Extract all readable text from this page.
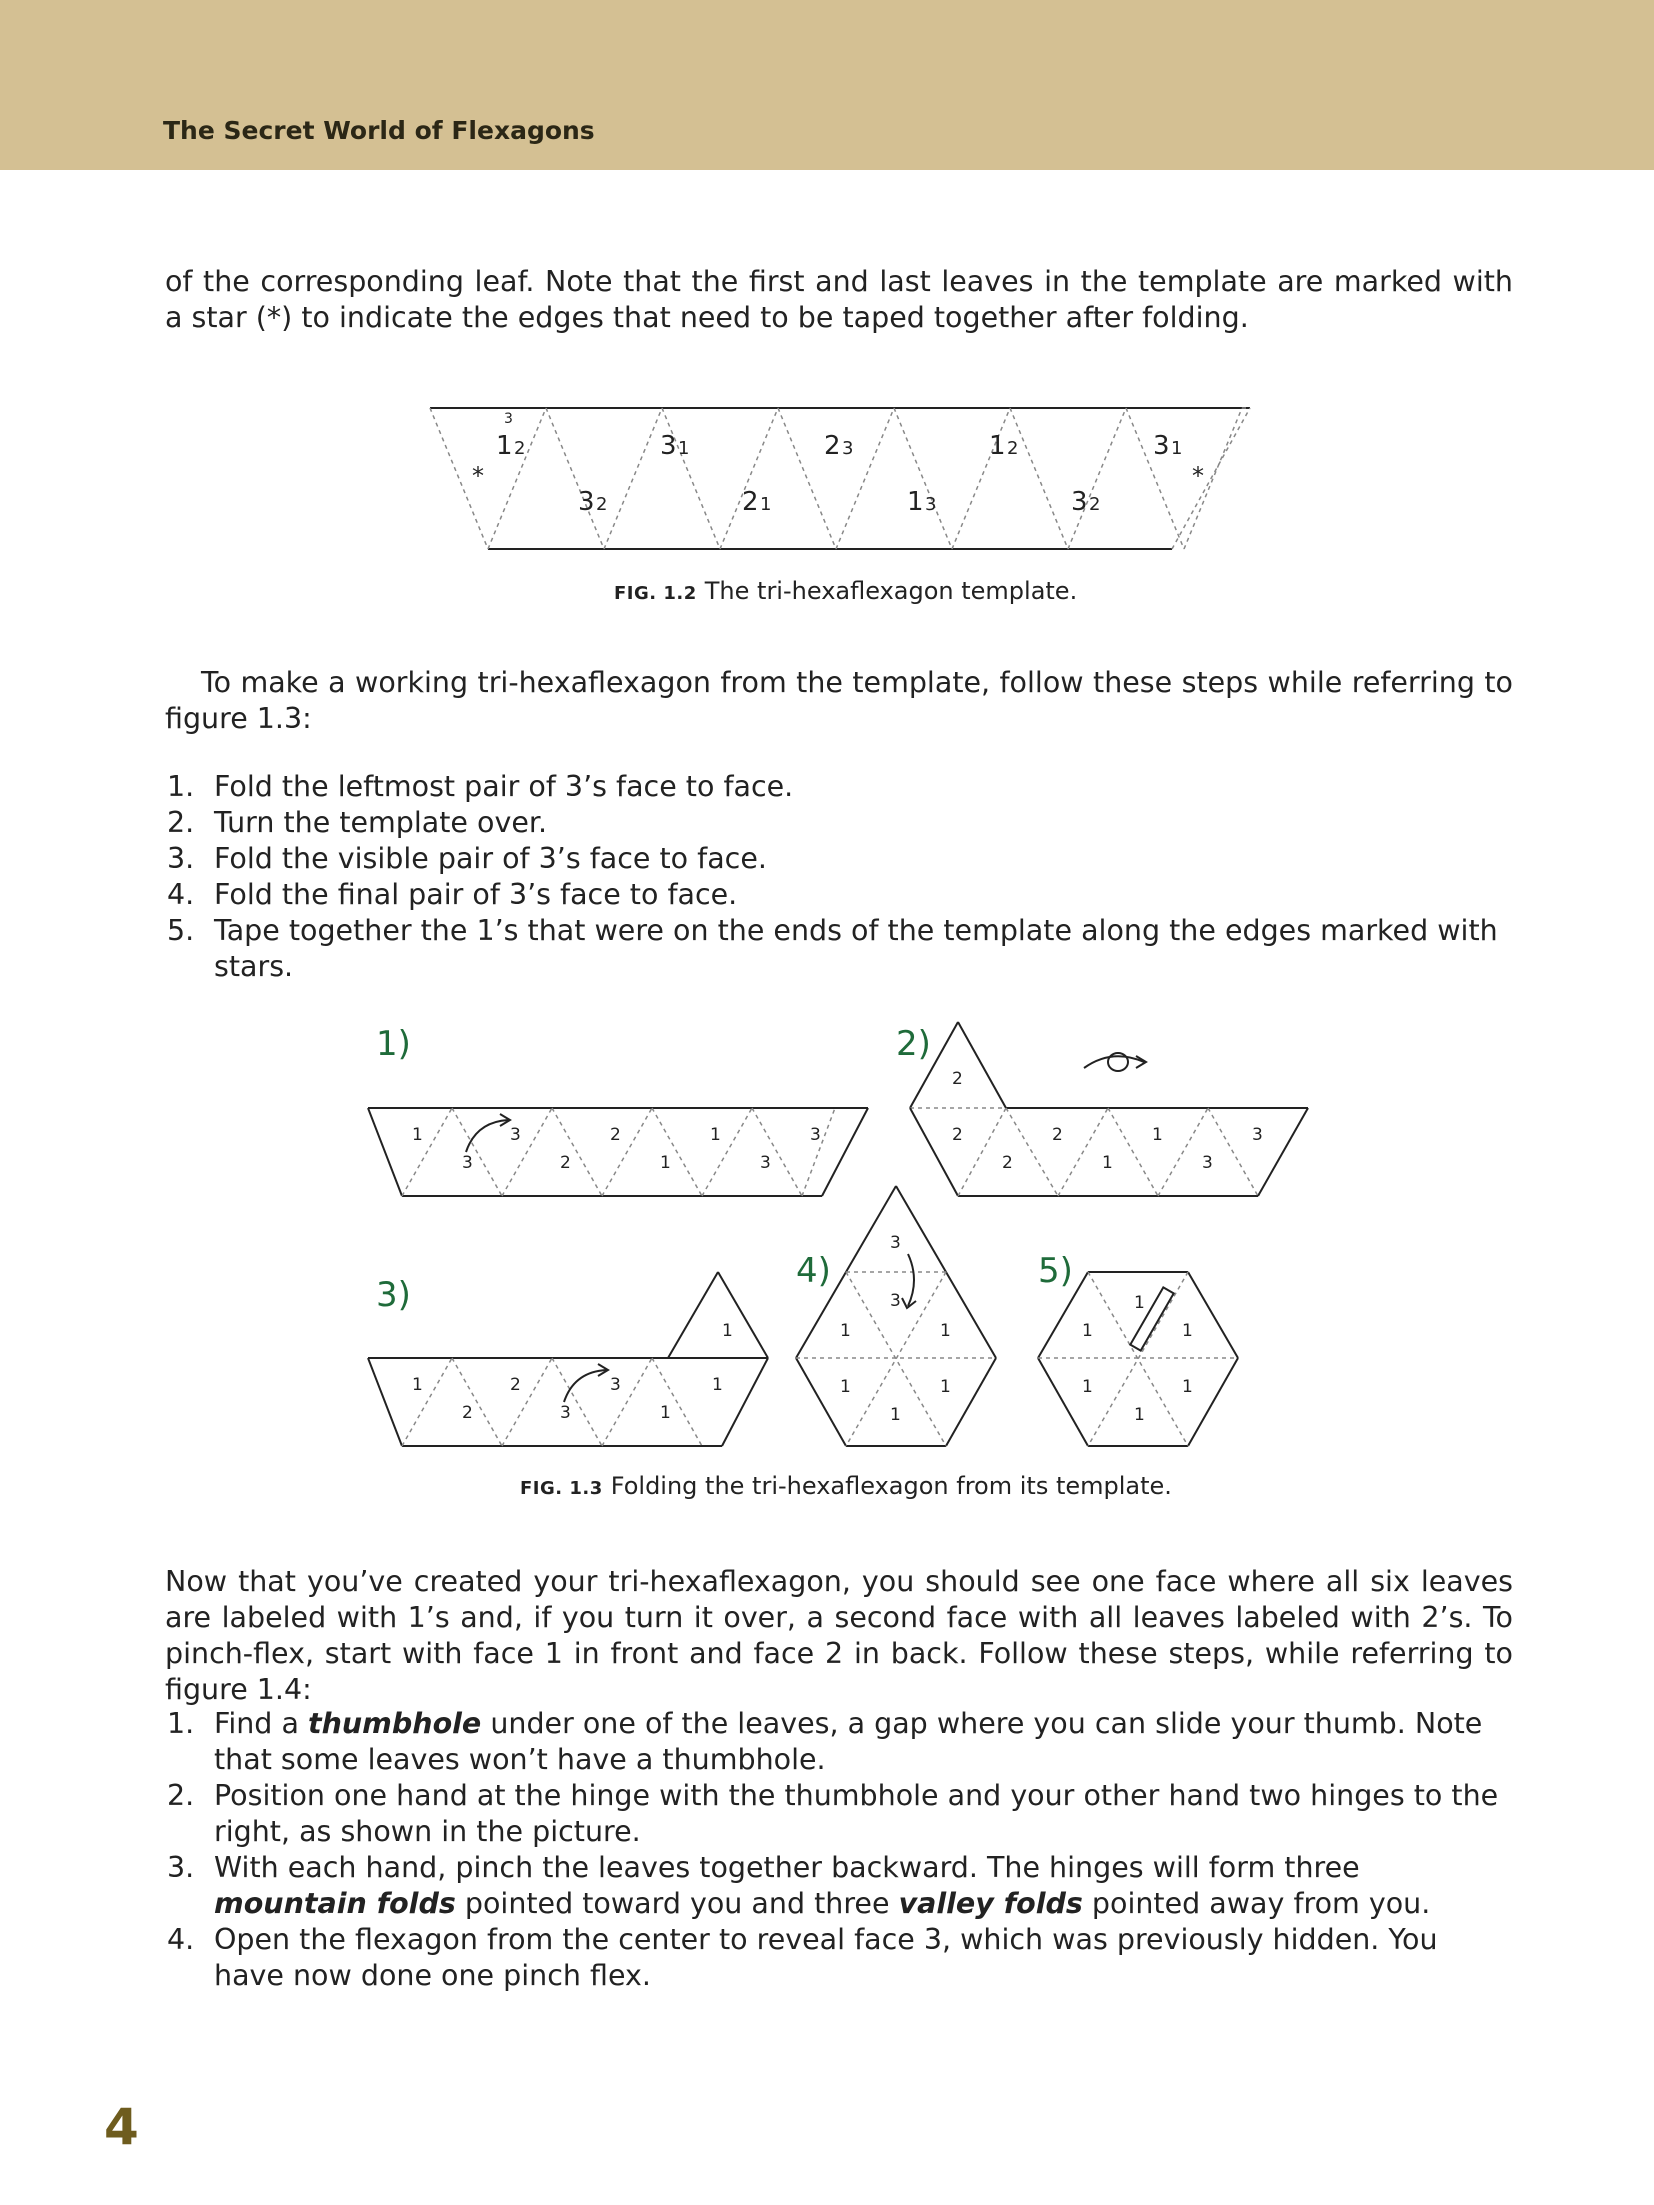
The Secret World of Flexagons

of the corresponding leaf. Note that the first and last leaves in the template are marked with a star (*) to indicate the edges that need to be taped together after folding.

3
1 2	3 1	2 3	1 2	3 1
3 2	2 1	1 3	3 2
*	*
FIG. 1.2 The tri-hexaflexagon template.

To make a working tri-hexaflexagon from the template, follow these steps while referring to figure 1.3:

1. Fold the leftmost pair of 3’s face to face.
2. Turn the template over.
3. Fold the visible pair of 3’s face to face.
4. Fold the final pair of 3’s face to face.
5. Tape together the 1’s that were on the ends of the template along the edges marked with stars.
1)
1	3	2	1	3
3	2	1	3
2)
2
2	2	1	3
2	1	3
3)
1
1	2	3	1
2	3	1
4)
3
3
1	1
1	1
1
5)
1
1	1
1	1
1
FIG. 1.3 Folding the tri-hexaflexagon from its template.

Now that you’ve created your tri-hexaflexagon, you should see one face where all six leaves are labeled with 1’s and, if you turn it over, a second face with all leaves labeled with 2’s. To pinch-flex, start with face 1 in front and face 2 in back. Follow these steps, while referring to figure 1.4:

1. Find a thumbhole under one of the leaves, a gap where you can slide your thumb. Note that some leaves won’t have a thumbhole.
2. Position one hand at the hinge with the thumbhole and your other hand two hinges to the right, as shown in the picture.
3. With each hand, pinch the leaves together backward. The hinges will form three mountain folds pointed toward you and three valley folds pointed away from you.
4. Open the flexagon from the center to reveal face 3, which was previously hidden. You have now done one pinch flex.
4
